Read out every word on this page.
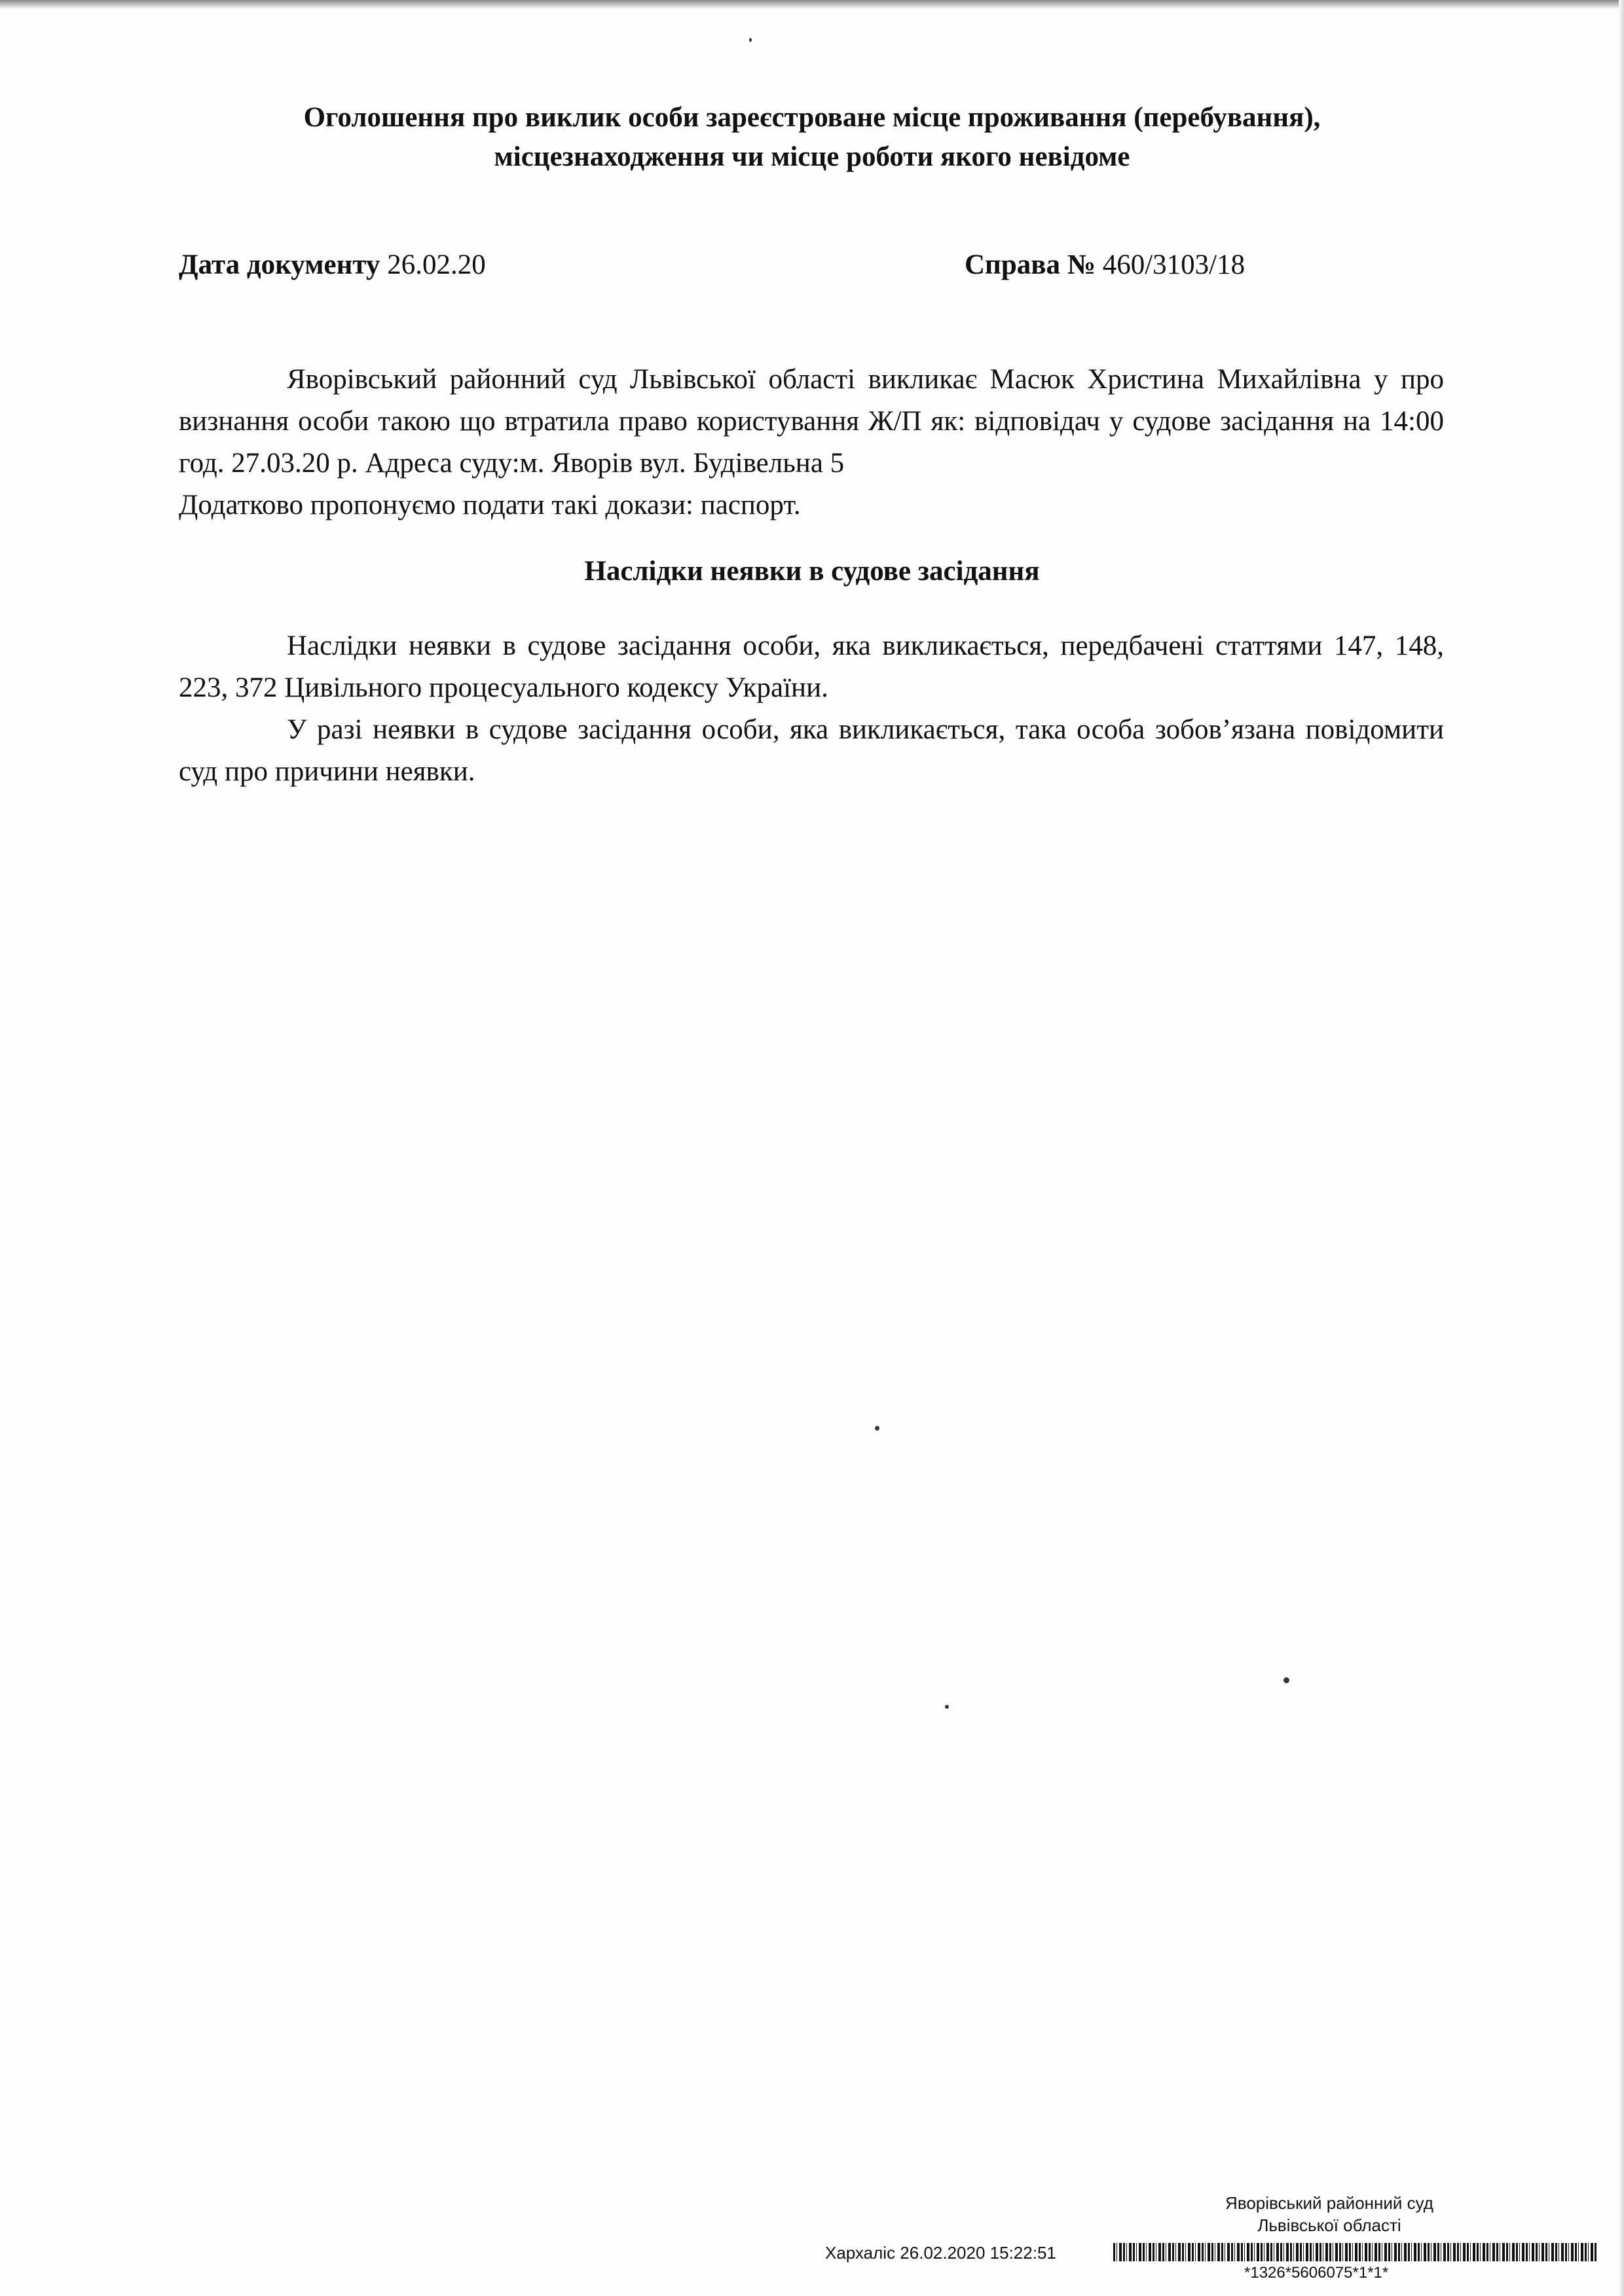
Оголошення про виклик особи зареєстроване місце проживання (перебування),
місцезнаходження чи місце роботи якого невідоме
Дата документу 26.02.20	Справа № 460/3103/18

Яворівський районний суд Львівської області викликає Масюк Христина Михайлівна у про визнання особи такою що втратила право користування Ж/П як: відповідач у судове засідання на 14:00 год. 27.03.20 р. Адреса суду:м. Яворів вул. Будівельна 5

Додатково пропонуємо подати такі докази: паспорт.

Наслідки неявки в судове засідання

Наслідки неявки в судове засідання особи, яка викликається, передбачені статтями 147, 148, 223, 372 Цивільного процесуального кодексу України.

У разі неявки в судове засідання особи, яка викликається, така особа зобов’язана повідомити суд про причини неявки.

Яворівський районний суд
Львівської області
Хархаліс 26.02.2020 15:22:51
*1326*5606075*1*1*
